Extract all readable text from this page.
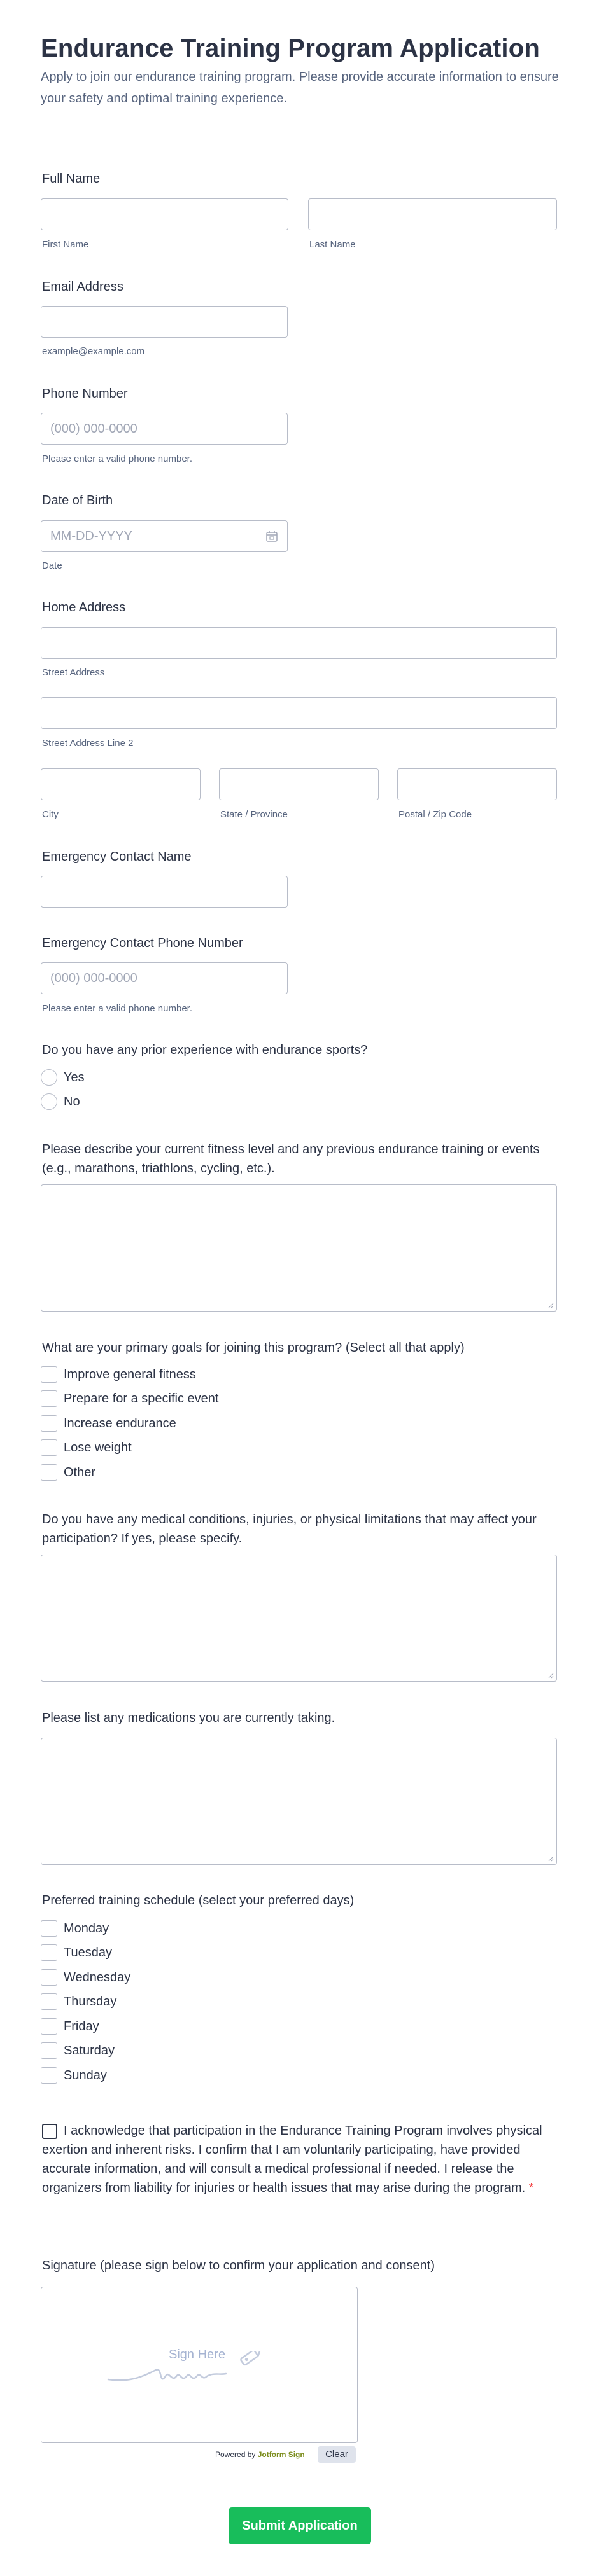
Endurance Training Program Application

Apply to join our endurance training program. Please provide accurate information to ensure your safety and optimal training experience.

Full Name
First Name	Last Name
Email Address
example@example.com
Phone Number
(000) 000-0000
Please enter a valid phone number.
Date of Birth
MM-DD-YYYY
Date
Home Address
Street Address
Street Address Line 2
City	State / Province	Postal / Zip Code
Emergency Contact Name
Emergency Contact Phone Number
(000) 000-0000
Please enter a valid phone number.
Do you have any prior experience with endurance sports?
Yes
No
Please describe your current fitness level and any previous endurance training or events (e.g., marathons, triathlons, cycling, etc.).
What are your primary goals for joining this program? (Select all that apply)
Improve general fitness
Prepare for a specific event
Increase endurance
Lose weight
Other
Do you have any medical conditions, injuries, or physical limitations that may affect your participation? If yes, please specify.
Please list any medications you are currently taking.
Preferred training schedule (select your preferred days)
Monday
Tuesday
Wednesday
Thursday
Friday
Saturday
Sunday
I acknowledge that participation in the Endurance Training Program involves physical exertion and inherent risks. I confirm that I am voluntarily participating, have provided accurate information, and will consult a medical professional if needed. I release the organizers from liability for injuries or health issues that may arise during the program. *
Signature (please sign below to confirm your application and consent)
Sign Here
Powered by Jotform Sign	Clear
Submit Application
